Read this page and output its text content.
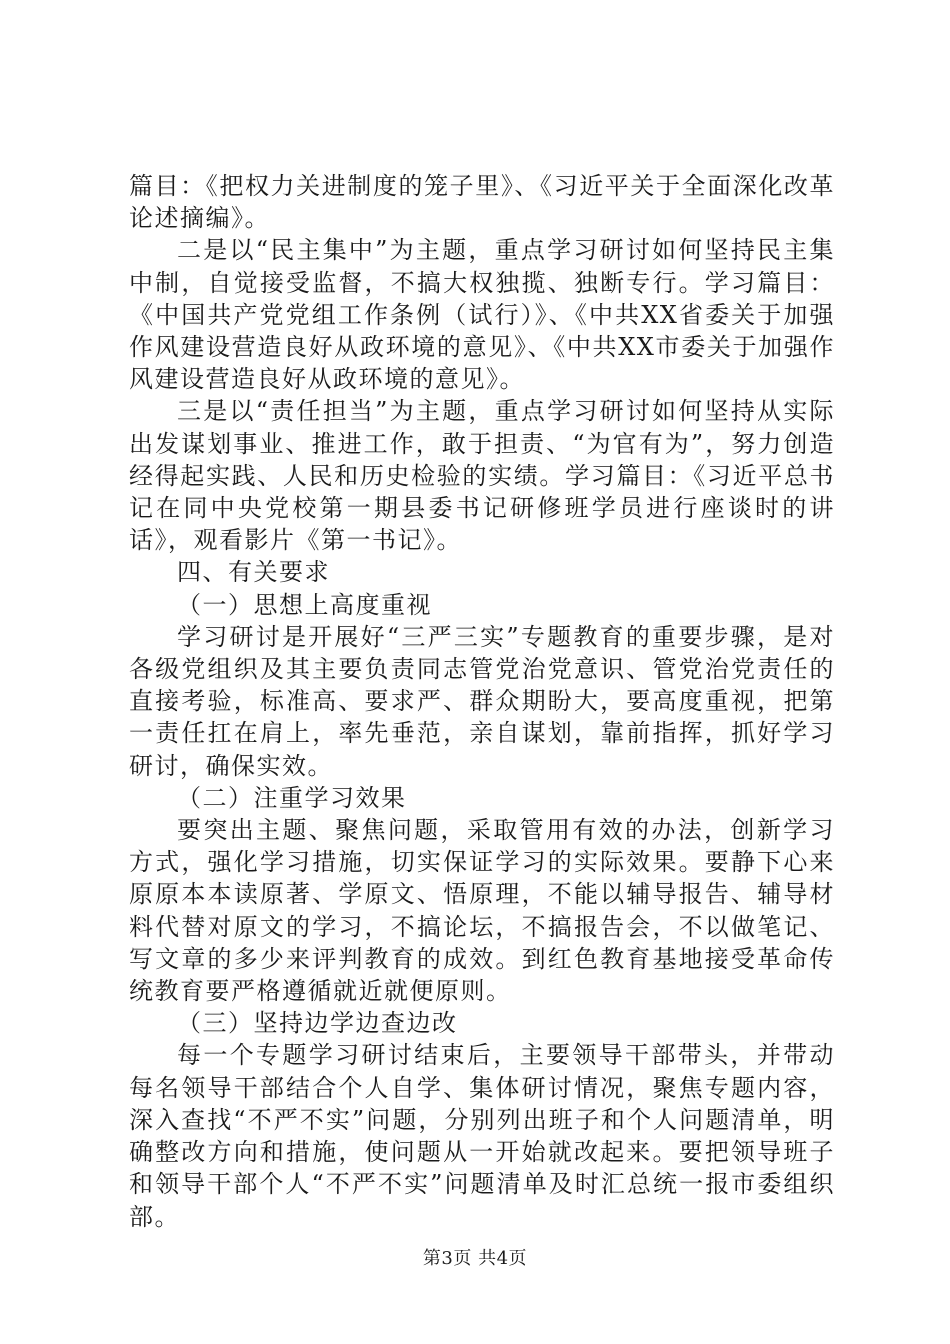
篇目：《把权力关进制度的笼子里》、《习近平关于全面深化改革论述摘编》。

二是以“民主集中”为主题，重点学习研讨如何坚持民主集中制，自觉接受监督，不搞大权独揽、独断专行。学习篇目：《中国共产党党组工作条例（试行）》、《中共XX省委关于加强作风建设营造良好从政环境的意见》、《中共XX市委关于加强作风建设营造良好从政环境的意见》。

三是以“责任担当”为主题，重点学习研讨如何坚持从实际出发谋划事业、推进工作，敢于担责、“为官有为”，努力创造经得起实践、人民和历史检验的实绩。学习篇目：《习近平总书记在同中央党校第一期县委书记研修班学员进行座谈时的讲话》，观看影片《第一书记》。

四、有关要求

（一）思想上高度重视

学习研讨是开展好“三严三实”专题教育的重要步骤，是对各级党组织及其主要负责同志管党治党意识、管党治党责任的直接考验，标准高、要求严、群众期盼大，要高度重视，把第一责任扛在肩上，率先垂范，亲自谋划，靠前指挥，抓好学习研讨，确保实效。

（二）注重学习效果

要突出主题、聚焦问题，采取管用有效的办法，创新学习方式，强化学习措施，切实保证学习的实际效果。要静下心来原原本本读原著、学原文、悟原理，不能以辅导报告、辅导材料代替对原文的学习，不搞论坛，不搞报告会，不以做笔记、写文章的多少来评判教育的成效。到红色教育基地接受革命传统教育要严格遵循就近就便原则。

（三）坚持边学边查边改

每一个专题学习研讨结束后，主要领导干部带头，并带动每名领导干部结合个人自学、集体研讨情况，聚焦专题内容，深入查找“不严不实”问题，分别列出班子和个人问题清单，明确整改方向和措施，使问题从一开始就改起来。要把领导班子和领导干部个人“不严不实”问题清单及时汇总统一报市委组织部。

第3页 共4页
